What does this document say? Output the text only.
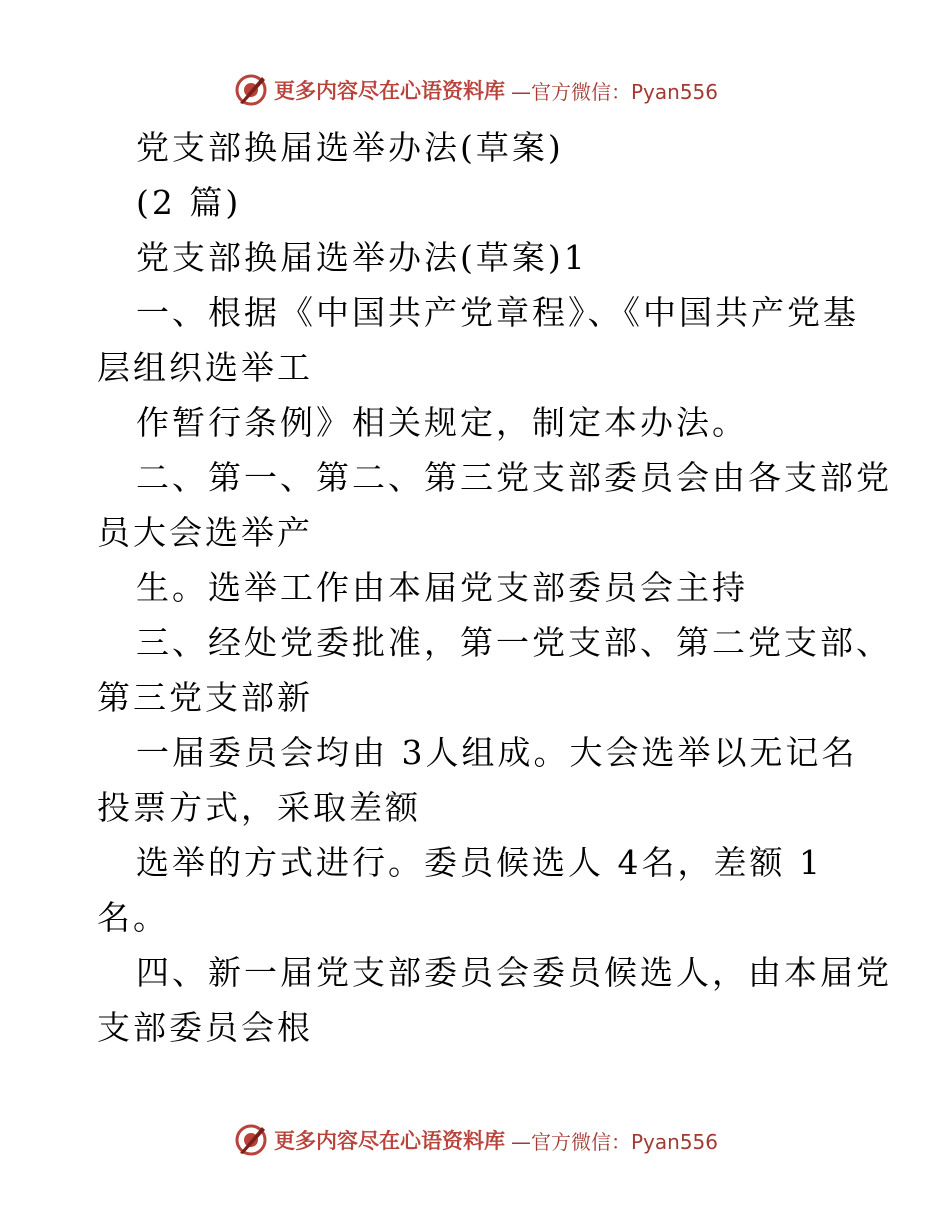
更多内容尽在心语资料库 —官方微信：Pyan556

党支部换届选举办法(草案)

(2 篇)

党支部换届选举办法(草案)1

一、根据《中国共产党章程》、《中国共产党基

层组织选举工

作暂行条例》相关规定，制定本办法。

二、第一、第二、第三党支部委员会由各支部党

员大会选举产

生。选举工作由本届党支部委员会主持

三、经处党委批准，第一党支部、第二党支部、

第三党支部新

一届委员会均由 3人组成。大会选举以无记名

投票方式，采取差额

选举的方式进行。委员候选人 4名，差额 1

名。

四、新一届党支部委员会委员候选人，由本届党

支部委员会根

更多内容尽在心语资料库 —官方微信：Pyan556
